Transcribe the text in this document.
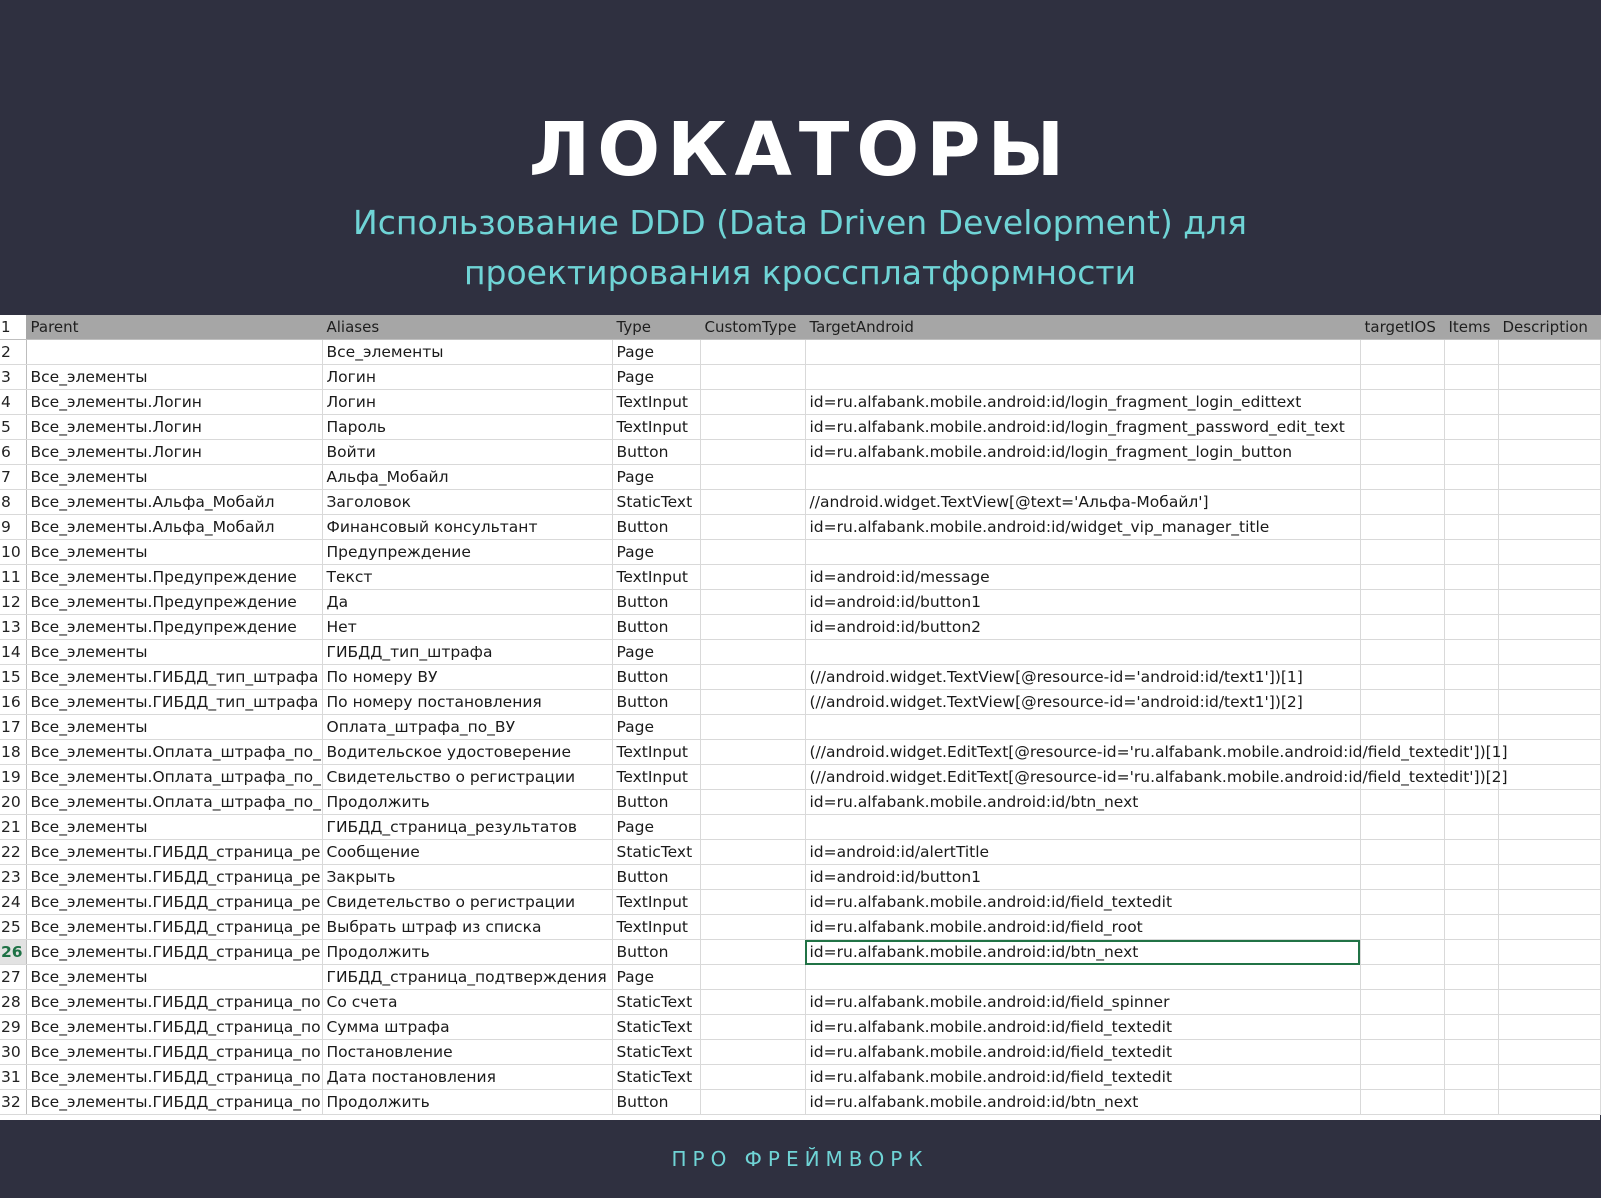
ЛОКАТОРЫ
Использование DDD (Data Driven Development) для
проектирования кроссплатформности
1	Parent	Aliases	Type	CustomType	TargetAndroid	targetIOS	Items	Description
2		Все_элементы	Page					
3	Все_элементы	Логин	Page					
4	Все_элементы.Логин	Логин	TextInput		id=ru.alfabank.mobile.android:id/login_fragment_login_edittext			
5	Все_элементы.Логин	Пароль	TextInput		id=ru.alfabank.mobile.android:id/login_fragment_password_edit_text			
6	Все_элементы.Логин	Войти	Button		id=ru.alfabank.mobile.android:id/login_fragment_login_button			
7	Все_элементы	Альфа_Мобайл	Page					
8	Все_элементы.Альфа_Мобайл	Заголовок	StaticText		//android.widget.TextView[@text='Альфа-Мобайл']			
9	Все_элементы.Альфа_Мобайл	Финансовый консультант	Button		id=ru.alfabank.mobile.android:id/widget_vip_manager_title			
10	Все_элементы	Предупреждение	Page					
11	Все_элементы.Предупреждение	Текст	TextInput		id=android:id/message			
12	Все_элементы.Предупреждение	Да	Button		id=android:id/button1			
13	Все_элементы.Предупреждение	Нет	Button		id=android:id/button2			
14	Все_элементы	ГИБДД_тип_штрафа	Page					
15	Все_элементы.ГИБДД_тип_штрафа	По номеру ВУ	Button		(//android.widget.TextView[@resource-id='android:id/text1'])[1]			
16	Все_элементы.ГИБДД_тип_штрафа	По номеру постановления	Button		(//android.widget.TextView[@resource-id='android:id/text1'])[2]			
17	Все_элементы	Оплата_штрафа_по_ВУ	Page					
18	Все_элементы.Оплата_штрафа_по_	Водительское удостоверение	TextInput		(//android.widget.EditText[@resource-id='ru.alfabank.mobile.android:id/field_textedit'])[1]			
19	Все_элементы.Оплата_штрафа_по_	Свидетельство о регистрации	TextInput		(//android.widget.EditText[@resource-id='ru.alfabank.mobile.android:id/field_textedit'])[2]			
20	Все_элементы.Оплата_штрафа_по_	Продолжить	Button		id=ru.alfabank.mobile.android:id/btn_next			
21	Все_элементы	ГИБДД_страница_результатов	Page					
22	Все_элементы.ГИБДД_страница_ре	Сообщение	StaticText		id=android:id/alertTitle			
23	Все_элементы.ГИБДД_страница_ре	Закрыть	Button		id=android:id/button1			
24	Все_элементы.ГИБДД_страница_ре	Свидетельство о регистрации	TextInput		id=ru.alfabank.mobile.android:id/field_textedit			
25	Все_элементы.ГИБДД_страница_ре	Выбрать штраф из списка	TextInput		id=ru.alfabank.mobile.android:id/field_root			
26	Все_элементы.ГИБДД_страница_ре	Продолжить	Button		id=ru.alfabank.mobile.android:id/btn_next			
27	Все_элементы	ГИБДД_страница_подтверждения	Page					
28	Все_элементы.ГИБДД_страница_по	Со счета	StaticText		id=ru.alfabank.mobile.android:id/field_spinner			
29	Все_элементы.ГИБДД_страница_по	Сумма штрафа	StaticText		id=ru.alfabank.mobile.android:id/field_textedit			
30	Все_элементы.ГИБДД_страница_по	Постановление	StaticText		id=ru.alfabank.mobile.android:id/field_textedit			
31	Все_элементы.ГИБДД_страница_по	Дата постановления	StaticText		id=ru.alfabank.mobile.android:id/field_textedit			
32	Все_элементы.ГИБДД_страница_по	Продолжить	Button		id=ru.alfabank.mobile.android:id/btn_next			
ПРО ФРЕЙМВОРК
